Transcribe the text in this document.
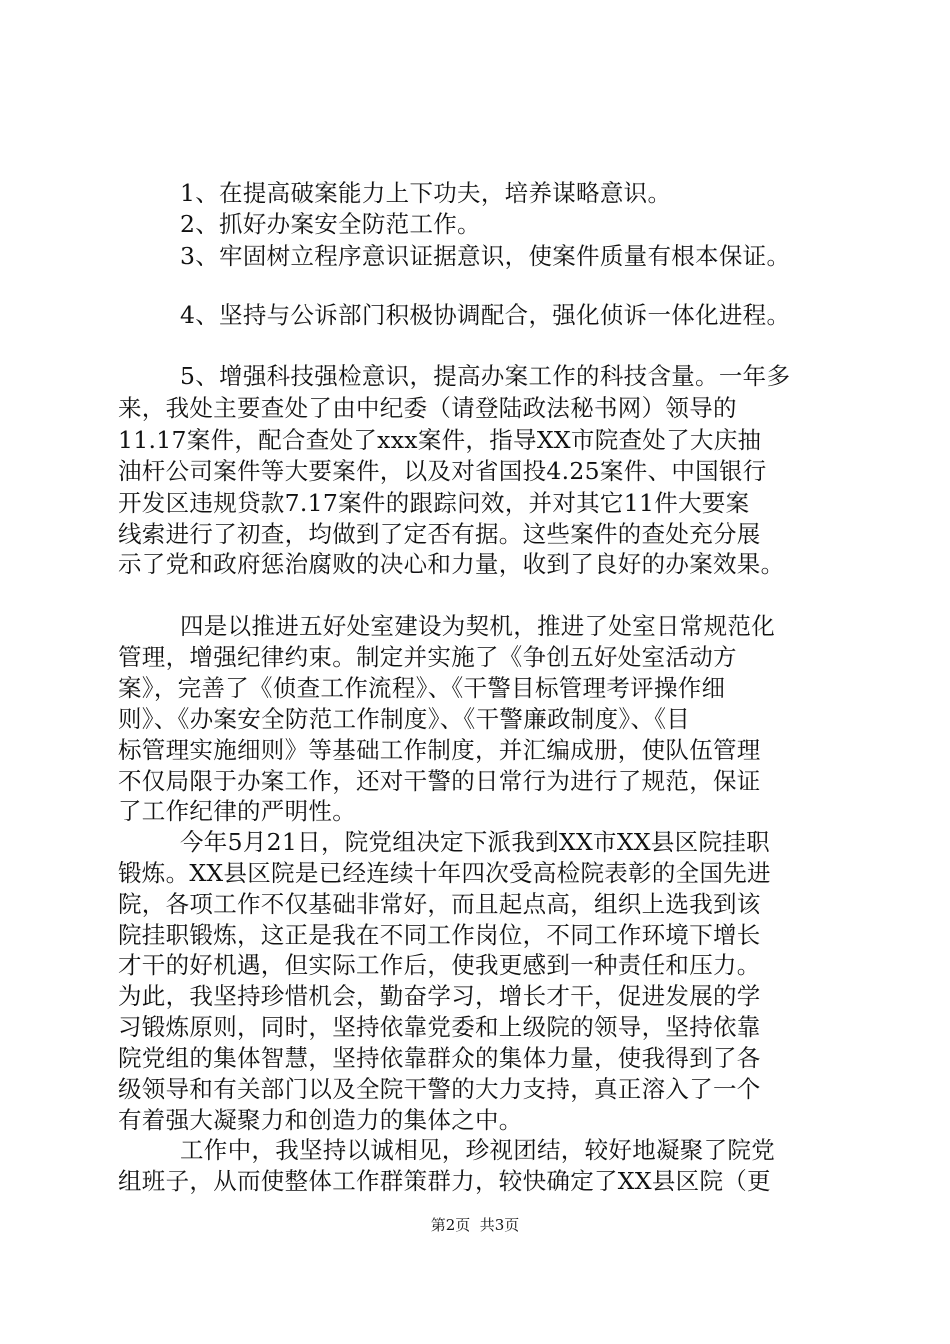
1、在提高破案能力上下功夫，培养谋略意识。
2、抓好办案安全防范工作。
3、牢固树立程序意识证据意识，使案件质量有根本保证。
4、坚持与公诉部门积极协调配合，强化侦诉一体化进程。
5、增强科技强检意识，提高办案工作的科技含量。一年多
来，我处主要查处了由中纪委（请登陆政法秘书网）领导的
11.17案件，配合查处了xxx案件，指导XX市院查处了大庆抽
油杆公司案件等大要案件，以及对省国投4.25案件、中国银行
开发区违规贷款7.17案件的跟踪问效，并对其它11件大要案
线索进行了初查，均做到了定否有据。这些案件的查处充分展
示了党和政府惩治腐败的决心和力量，收到了良好的办案效果。
四是以推进五好处室建设为契机，推进了处室日常规范化
管理，增强纪律约束。制定并实施了《争创五好处室活动方
案》，完善了《侦查工作流程》、《干警目标管理考评操作细
则》、《办案安全防范工作制度》、《干警廉政制度》、《目
标管理实施细则》等基础工作制度，并汇编成册，使队伍管理
不仅局限于办案工作，还对干警的日常行为进行了规范，保证
了工作纪律的严明性。
今年5月21日，院党组决定下派我到XX市XX县区院挂职
锻炼。XX县区院是已经连续十年四次受高检院表彰的全国先进
院，各项工作不仅基础非常好，而且起点高，组织上选我到该
院挂职锻炼，这正是我在不同工作岗位，不同工作环境下增长
才干的好机遇，但实际工作后，使我更感到一种责任和压力。
为此，我坚持珍惜机会，勤奋学习，增长才干，促进发展的学
习锻炼原则，同时，坚持依靠党委和上级院的领导，坚持依靠
院党组的集体智慧，坚持依靠群众的集体力量，使我得到了各
级领导和有关部门以及全院干警的大力支持，真正溶入了一个
有着强大凝聚力和创造力的集体之中。
工作中，我坚持以诚相见，珍视团结，较好地凝聚了院党
组班子，从而使整体工作群策群力，较快确定了XX县区院（更
第2页  共3页
